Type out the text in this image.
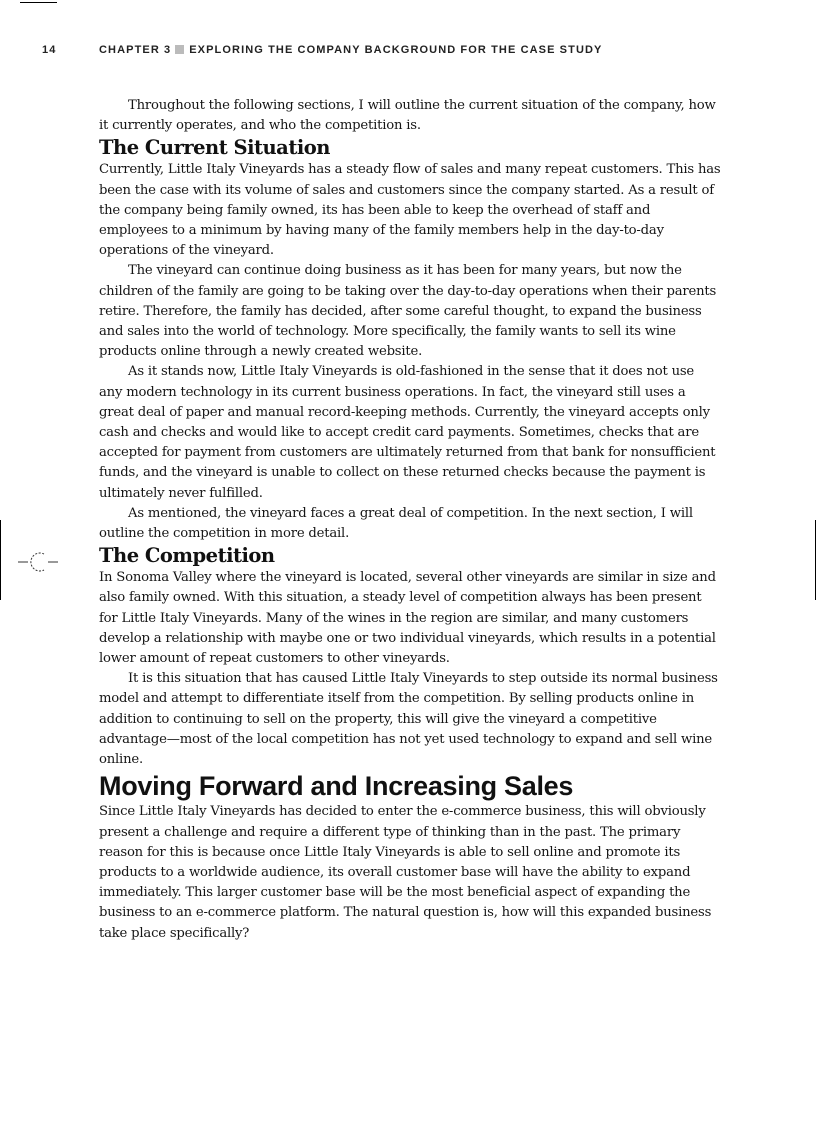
14	CHAPTER 3 EXPLORING THE COMPANY BACKGROUND FOR THE CASE STUDY

Throughout the following sections, I will outline the current situation of the company, how it currently operates, and who the competition is.

The Current Situation

Currently, Little Italy Vineyards has a steady flow of sales and many repeat customers. This has been the case with its volume of sales and customers since the company started. As a result of the company being family owned, its has been able to keep the overhead of staff and employees to a minimum by having many of the family members help in the day-to-day operations of the vineyard.

The vineyard can continue doing business as it has been for many years, but now the children of the family are going to be taking over the day-to-day operations when their parents retire. Therefore, the family has decided, after some careful thought, to expand the business and sales into the world of technology. More specifically, the family wants to sell its wine products online through a newly created website.

As it stands now, Little Italy Vineyards is old-fashioned in the sense that it does not use any modern technology in its current business operations. In fact, the vineyard still uses a great deal of paper and manual record-keeping methods. Currently, the vineyard accepts only cash and checks and would like to accept credit card payments. Sometimes, checks that are accepted for payment from customers are ultimately returned from that bank for nonsufficient funds, and the vineyard is unable to collect on these returned checks because the payment is ultimately never fulfilled.

As mentioned, the vineyard faces a great deal of competition. In the next section, I will outline the competition in more detail.

The Competition

In Sonoma Valley where the vineyard is located, several other vineyards are similar in size and also family owned. With this situation, a steady level of competition always has been present for Little Italy Vineyards. Many of the wines in the region are similar, and many customers develop a relationship with maybe one or two individual vineyards, which results in a potential lower amount of repeat customers to other vineyards.

It is this situation that has caused Little Italy Vineyards to step outside its normal business model and attempt to differentiate itself from the competition. By selling products online in addition to continuing to sell on the property, this will give the vineyard a competitive advantage—most of the local competition has not yet used technology to expand and sell wine online.

Moving Forward and Increasing Sales

Since Little Italy Vineyards has decided to enter the e-commerce business, this will obviously present a challenge and require a different type of thinking than in the past. The primary reason for this is because once Little Italy Vineyards is able to sell online and promote its products to a worldwide audience, its overall customer base will have the ability to expand immediately. This larger customer base will be the most beneficial aspect of expanding the business to an e-commerce platform. The natural question is, how will this expanded business take place specifically?
